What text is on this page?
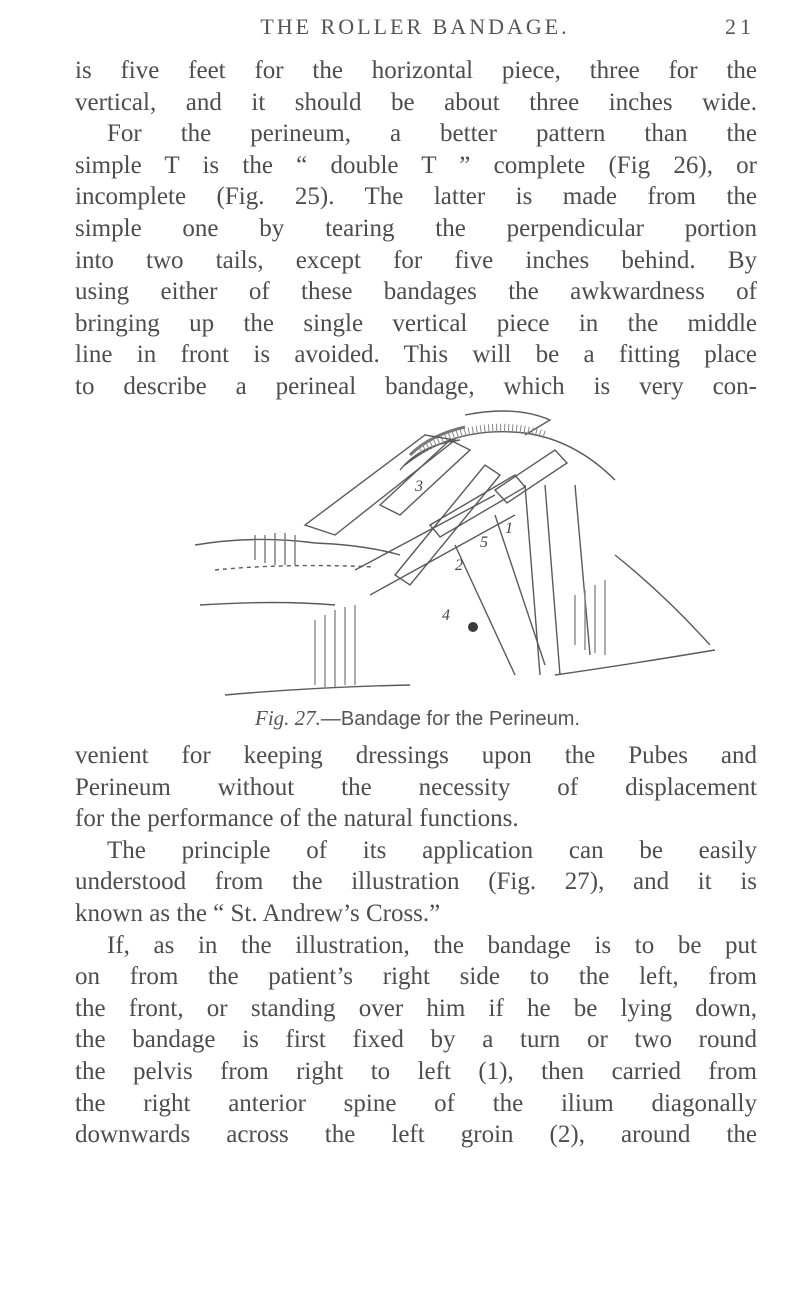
THE ROLLER BANDAGE.	21
is five feet for the horizontal piece, three for the
vertical, and it should be about three inches wide.
For the perineum, a better pattern than the
simple T is the “ double T ” complete (Fig 26), or
incomplete (Fig. 25). The latter is made from the
simple one by tearing the perpendicular portion
into two tails, except for five inches behind. By
using either of these bandages the awkwardness of
bringing up the single vertical piece in the middle
line in front is avoided. This will be a fitting place
to describe a perineal bandage, which is very con-
3
5
1
2
4
Fig. 27.—Bandage for the Perineum.
venient for keeping dressings upon the Pubes and
Perineum without the necessity of displacement
for the performance of the natural functions.
The principle of its application can be easily
understood from the illustration (Fig. 27), and it is
known as the “ St. Andrew’s Cross.”
If, as in the illustration, the bandage is to be put
on from the patient’s right side to the left, from
the front, or standing over him if he be lying down,
the bandage is first fixed by a turn or two round
the pelvis from right to left (1), then carried from
the right anterior spine of the ilium diagonally
downwards across the left groin (2), around the
